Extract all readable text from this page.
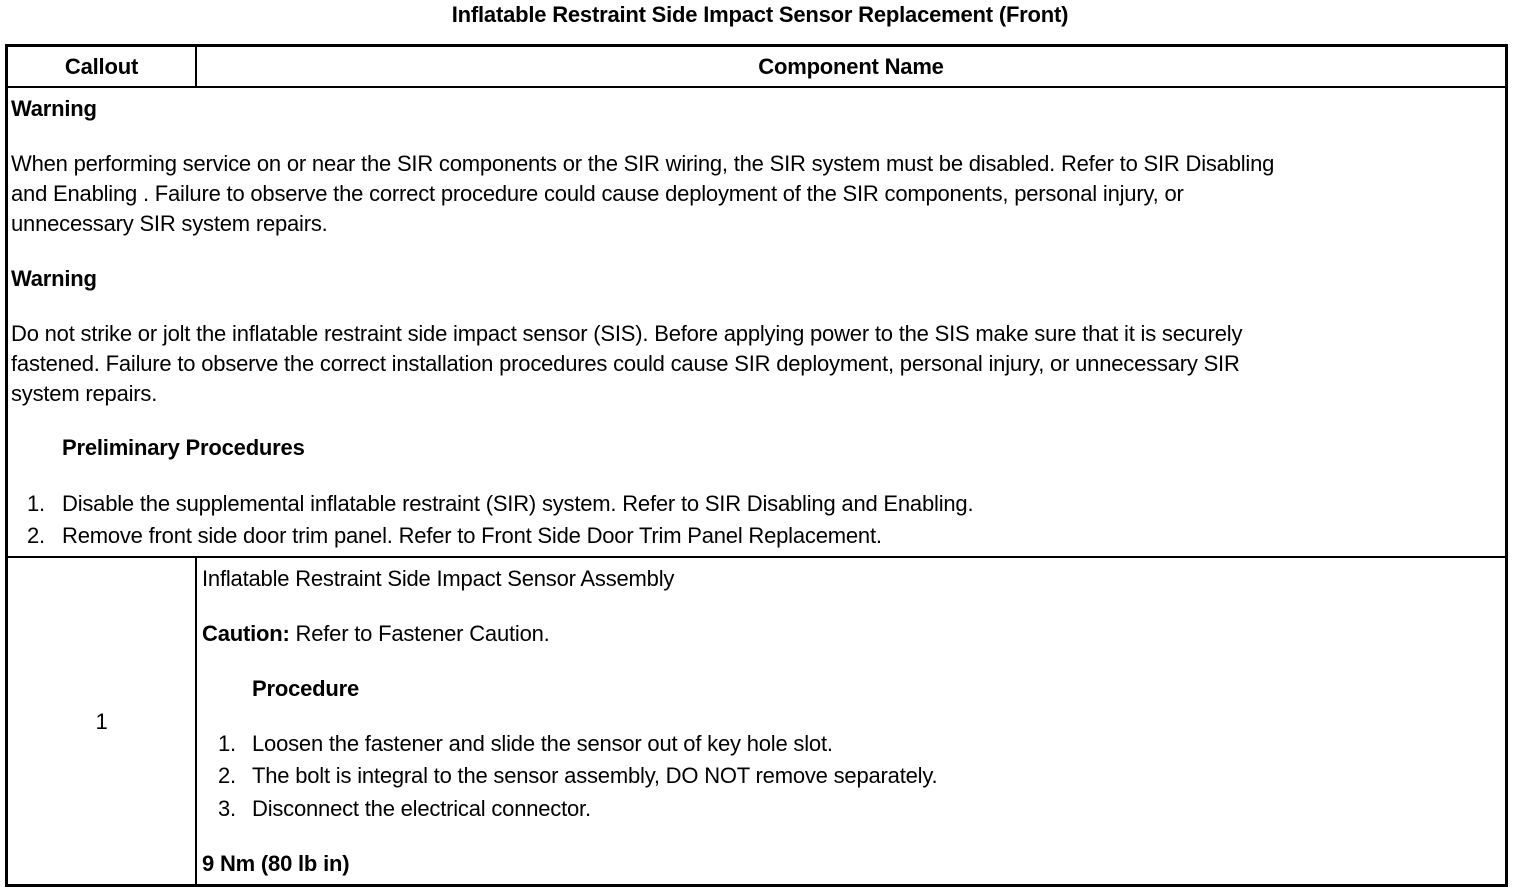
Inflatable Restraint Side Impact Sensor Replacement (Front)
Callout	Component Name
Warning
When performing service on or near the SIR components or the SIR wiring, the SIR system must be disabled. Refer to SIR Disabling
and Enabling . Failure to observe the correct procedure could cause deployment of the SIR components, personal injury, or
unnecessary SIR system repairs.
Warning
Do not strike or jolt the inflatable restraint side impact sensor (SIS). Before applying power to the SIS make sure that it is securely
fastened. Failure to observe the correct installation procedures could cause SIR deployment, personal injury, or unnecessary SIR
system repairs.
Preliminary Procedures
1. Disable the supplemental inflatable restraint (SIR) system. Refer to SIR Disabling and Enabling.
2. Remove front side door trim panel. Refer to Front Side Door Trim Panel Replacement.
1
Inflatable Restraint Side Impact Sensor Assembly
Caution: Refer to Fastener Caution.
Procedure
1. Loosen the fastener and slide the sensor out of key hole slot.
2. The bolt is integral to the sensor assembly, DO NOT remove separately.
3. Disconnect the electrical connector.
9 Nm (80 lb in)
